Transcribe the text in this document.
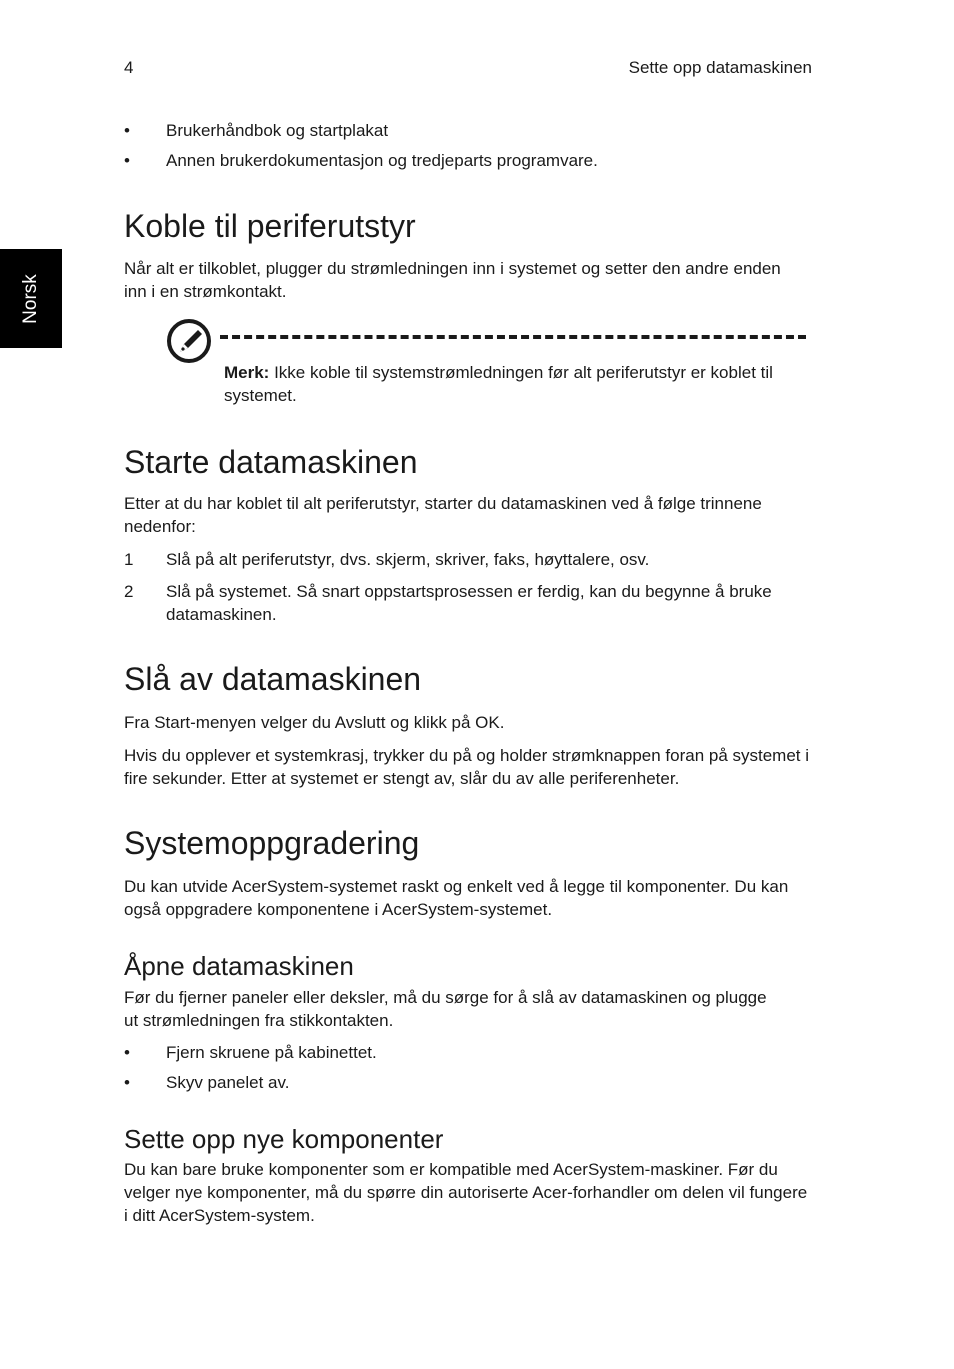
Norsk
4	Sette opp datamaskinen
• Brukerhåndbok og startplakat
• Annen brukerdokumentasjon og tredjeparts programvare.
Koble til periferutstyr

Når alt er tilkoblet, plugger du strømledningen inn i systemet og setter den andre enden inn i en strømkontakt.

Merk: Ikke koble til systemstrømledningen før alt periferutstyr er koblet til systemet.
Starte datamaskinen

Etter at du har koblet til alt periferutstyr, starter du datamaskinen ved å følge trinnene nedenfor:

1 Slå på alt periferutstyr, dvs. skjerm, skriver, faks, høyttalere, osv.
2 Slå på systemet. Så snart oppstartsprosessen er ferdig, kan du begynne å bruke datamaskinen.
Slå av datamaskinen

Fra Start-menyen velger du Avslutt og klikk på OK.

Hvis du opplever et systemkrasj, trykker du på og holder strømknappen foran på systemet i fire sekunder. Etter at systemet er stengt av, slår du av alle periferenheter.

Systemoppgradering

Du kan utvide AcerSystem-systemet raskt og enkelt ved å legge til komponenter. Du kan også oppgradere komponentene i AcerSystem-systemet.

Åpne datamaskinen

Før du fjerner paneler eller deksler, må du sørge for å slå av datamaskinen og plugge ut strømledningen fra stikkontakten.

• Fjern skruene på kabinettet.
• Skyv panelet av.
Sette opp nye komponenter

Du kan bare bruke komponenter som er kompatible med AcerSystem-maskiner. Før du velger nye komponenter, må du spørre din autoriserte Acer-forhandler om delen vil fungere i ditt AcerSystem-system.
